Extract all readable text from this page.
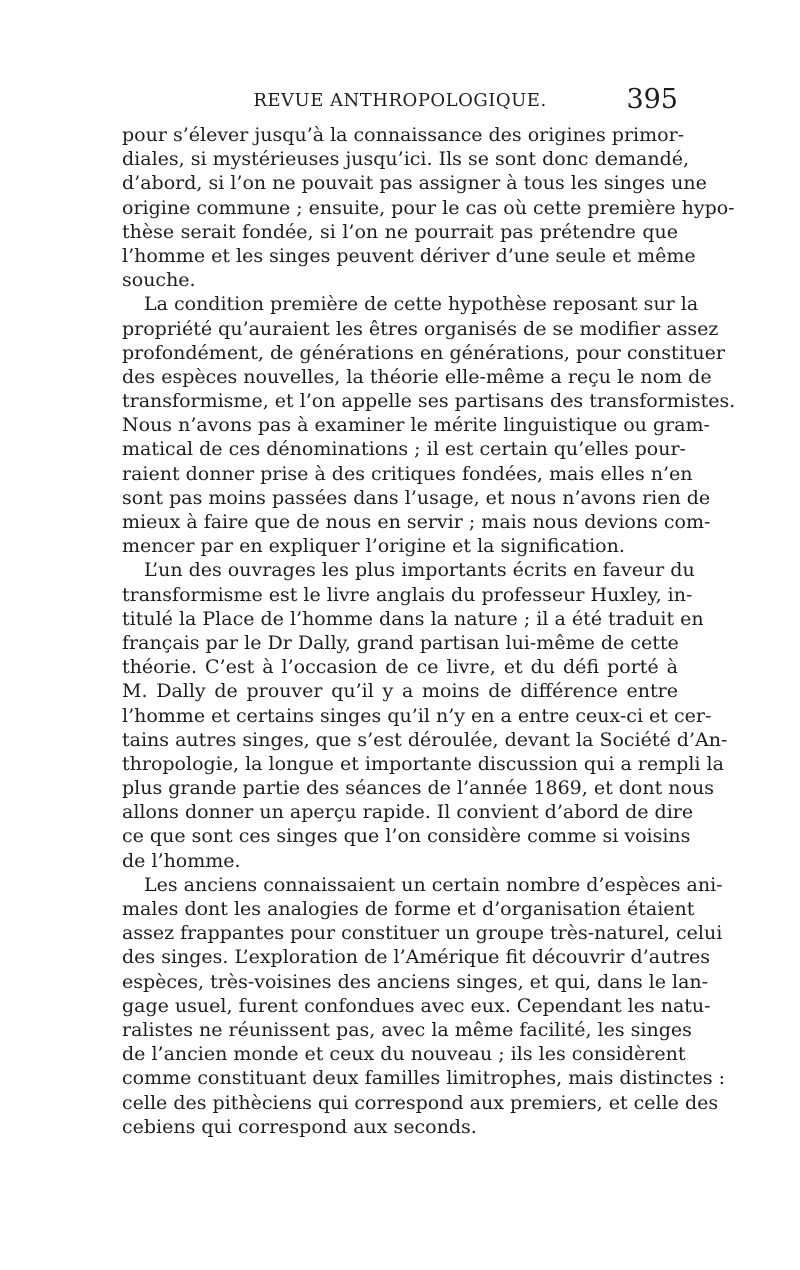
REVUE ANTHROPOLOGIQUE.	395
pour s’élever jusqu’à la connaissance des origines primor-
diales, si mystérieuses jusqu’ici. Ils se sont donc demandé,
d’abord, si l’on ne pouvait pas assigner à tous les singes une
origine commune ; ensuite, pour le cas où cette première hypo-
thèse serait fondée, si l’on ne pourrait pas prétendre que
l’homme et les singes peuvent dériver d’une seule et même
souche.
La condition première de cette hypothèse reposant sur la
propriété qu’auraient les êtres organisés de se modifier assez
profondément, de générations en générations, pour constituer
des espèces nouvelles, la théorie elle-même a reçu le nom de
transformisme, et l’on appelle ses partisans des transformistes.
Nous n’avons pas à examiner le mérite linguistique ou gram-
matical de ces dénominations ; il est certain qu’elles pour-
raient donner prise à des critiques fondées, mais elles n’en
sont pas moins passées dans l’usage, et nous n’avons rien de
mieux à faire que de nous en servir ; mais nous devions com-
mencer par en expliquer l’origine et la signification.
L’un des ouvrages les plus importants écrits en faveur du
transformisme est le livre anglais du professeur Huxley, in-
titulé la Place de l’homme dans la nature ; il a été traduit en
français par le Dr Dally, grand partisan lui-même de cette
théorie. C’est à l’occasion de ce livre, et du défi porté à
M. Dally de prouver qu’il y a moins de différence entre
l’homme et certains singes qu’il n’y en a entre ceux-ci et cer-
tains autres singes, que s’est déroulée, devant la Société d’An-
thropologie, la longue et importante discussion qui a rempli la
plus grande partie des séances de l’année 1869, et dont nous
allons donner un aperçu rapide. Il convient d’abord de dire
ce que sont ces singes que l’on considère comme si voisins
de l’homme.
Les anciens connaissaient un certain nombre d’espèces ani-
males dont les analogies de forme et d’organisation étaient
assez frappantes pour constituer un groupe très-naturel, celui
des singes. L’exploration de l’Amérique fit découvrir d’autres
espèces, très-voisines des anciens singes, et qui, dans le lan-
gage usuel, furent confondues avec eux. Cependant les natu-
ralistes ne réunissent pas, avec la même facilité, les singes
de l’ancien monde et ceux du nouveau ; ils les considèrent
comme constituant deux familles limitrophes, mais distinctes :
celle des pithèciens qui correspond aux premiers, et celle des
cebiens qui correspond aux seconds.
